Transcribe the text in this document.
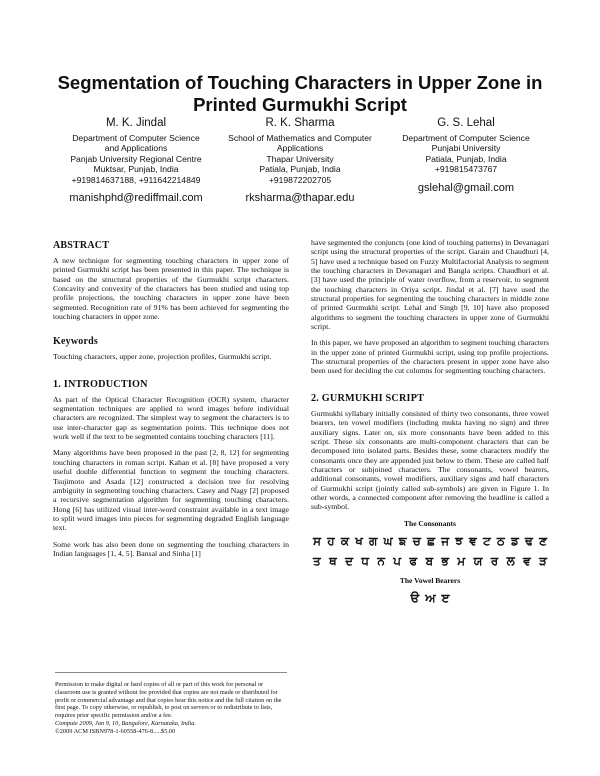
Segmentation of Touching Characters in Upper Zone in Printed Gurmukhi Script
M. K. Jindal
Department of Computer Science
and Applications
Panjab University Regional Centre
Muktsar, Punjab, India
+919814637188, +911642214849
manishphd@rediffmail.com
R. K. Sharma
School of Mathematics and Computer
Applications
Thapar University
Patiala, Punjab, India
+919872202705
rksharma@thapar.edu
G. S. Lehal
Department of Computer Science
Punjabi University
Patiala, Punjab, India
+919815473767
gslehal@gmail.com
ABSTRACT

A new technique for segmenting touching characters in upper zone of printed Gurmukhi script has been presented in this paper. The technique is based on the structural properties of the Gurmukhi script characters. Concavity and convexity of the characters has been studied and using top profile projections, the touching characters in upper zone have been segmented. Recognition rate of 91% has been achieved for segmenting the touching characters in upper zone.

Keywords

Touching characters, upper zone, projection profiles, Gurmukhi script.

1. INTRODUCTION

As part of the Optical Character Recognition (OCR) system, character segmentation techniques are applied to word images before individual characters are recognized. The simplest way to segment the characters is to use inter-character gap as segmentation points. This technique does not work well if the text to be segmented contains touching characters [11].

Many algorithms have been proposed in the past [2, 8, 12] for segmenting touching characters in roman script. Kahan et al. [8] have proposed a very useful double differential function to segment the touching characters. Tsujimoto and Asada [12] constructed a decision tree for resolving ambiguity in segmenting touching characters. Casey and Nagy [2] proposed a recursive segmentation algorithm for segmenting touching characters. Hong [6] has utilized visual inter-word constraint available in a text image to split word images into pieces for segmenting degraded English language text.

Some work has also been done on segmenting the touching characters in Indian languages [1, 4, 5]. Bansal and Sinha [1]

Permission to make digital or hard copies of all or part of this work for personal or classroom use is granted without fee provided that copies are not made or distributed for profit or commercial advantage and that copies bear this notice and the full citation on the first page. To copy otherwise, or republish, to post on servers or to redistribute to lists, requires prior specific permission and/or a fee.
Compute 2009, Jan 9, 10, Bangalore, Karnataka, India.
©2009 ACM ISBN978-1-60558-476-8.....$5.00

have segmented the conjuncts (one kind of touching patterns) in Devanagari script using the structural properties of the script. Garain and Chaudhuri [4, 5] have used a technique based on Fuzzy Multifactorial Analysis to segment the touching characters in Devanagari and Bangla scripts. Chaudhuri et al. [3] have used the principle of water overflow, from a reservoir, to segment the touching characters in Oriya script. Jindal et al. [7] have used the structural properties for segmenting the touching characters in middle zone of printed Gurmukhi script. Lehal and Singh [9, 10] have also proposed algorithms to segment the touching characters in upper zone of Gurmukhi script.

In this paper, we have proposed an algorithm to segment touching characters in the upper zone of printed Gurmukhi script, using top profile projections. The structural properties of the characters present in upper zone have also been used for deciding the cut columns for segmenting touching characters.

2. GURMUKHI SCRIPT

Gurmukhi syllabary initially consisted of thirty two consonants, three vowel bearers, ten vowel modifiers (including mukta having no sign) and three auxiliary signs. Later on, six more consonants have been added to this script. These six consonants are multi-component characters that can be decomposed into isolated parts. Besides these, some characters modify the consonants once they are appended just below to them. These are called half characters or subjoined characters. The consonants, vowel bearers, additional consonants, vowel modifiers, auxiliary signs and half characters of Gurmukhi script (jointly called sub-symbols) are given in Figure 1. In other words, a connected component after removing the headline is called a sub-symbol.

The Consonants
ਸ ਹ ਕ ਖ ਗ ਘ ਙ ਚ ਛ ਜ ਝ ਞ ਟ ਠ ਡ ਢ ਣ
ਤ ਥ ਦ ਧ ਨ ਪ ਫ ਬ ਭ ਮ ਯ ਰ ਲ ਵ ੜ
The Vowel Bearers
ੳ ਅ ੲ
